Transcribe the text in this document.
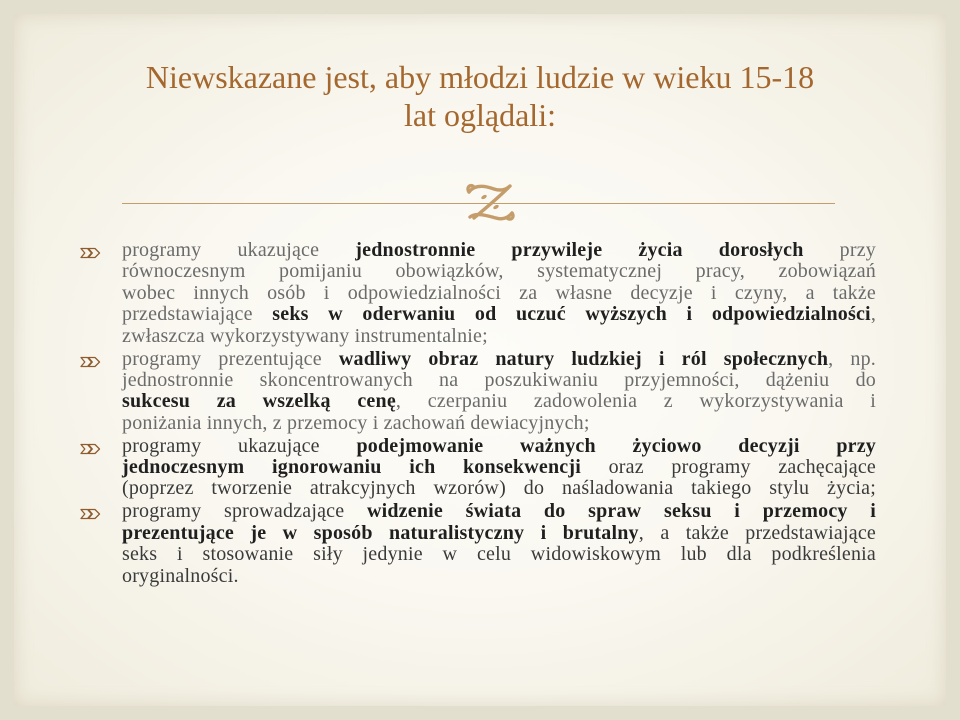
Niewskazane jest, aby młodzi ludzie w wieku 15-18
lat oglądali:
programy ukazujące jednostronnie przywileje życia dorosłych przy
równoczesnym pomijaniu obowiązków, systematycznej pracy, zobowiązań
wobec innych osób i odpowiedzialności za własne decyzje i czyny, a także
przedstawiające seks w oderwaniu od uczuć wyższych i odpowiedzialności,
zwłaszcza wykorzystywany instrumentalnie;
programy prezentujące wadliwy obraz natury ludzkiej i ról społecznych, np.
jednostronnie skoncentrowanych na poszukiwaniu przyjemności, dążeniu do
sukcesu za wszelką cenę, czerpaniu zadowolenia z wykorzystywania i
poniżania innych, z przemocy i zachowań dewiacyjnych;
programy ukazujące podejmowanie ważnych życiowo decyzji przy
jednoczesnym ignorowaniu ich konsekwencji oraz programy zachęcające
(poprzez tworzenie atrakcyjnych wzorów) do naśladowania takiego stylu życia;
programy sprowadzające widzenie świata do spraw seksu i przemocy i
prezentujące je w sposób naturalistyczny i brutalny, a także przedstawiające
seks i stosowanie siły jedynie w celu widowiskowym lub dla podkreślenia
oryginalności.
